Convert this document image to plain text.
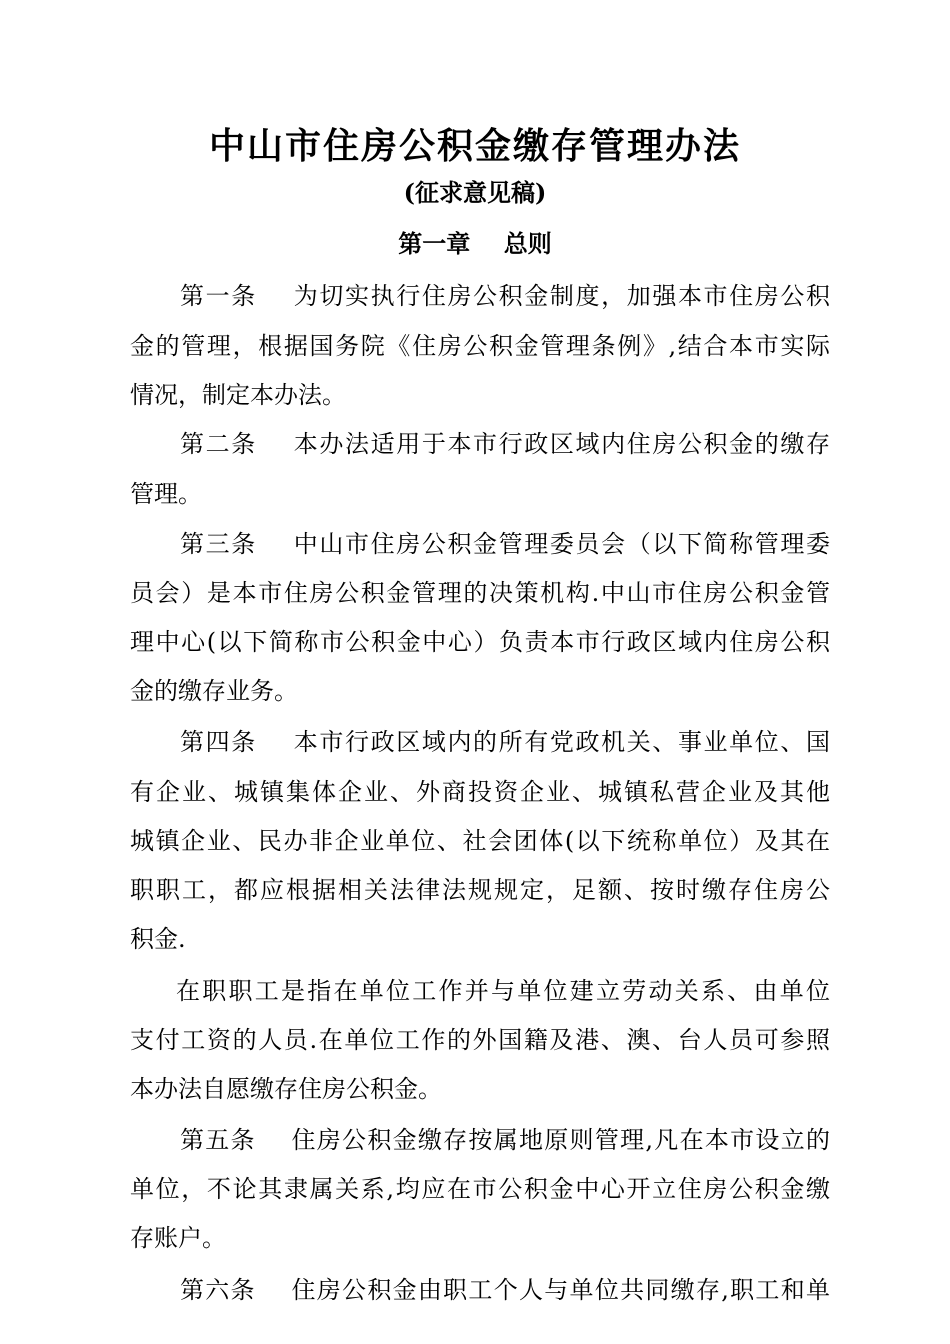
中山市住房公积金缴存管理办法
(征求意见稿)
第一章    总则
第一条    为切实执行住房公积金制度，加强本市住房公积
金的管理，根据国务院《住房公积金管理条例》,结合本市实际
情况，制定本办法。
第二条    本办法适用于本市行政区域内住房公积金的缴存
管理。
第三条    中山市住房公积金管理委员会（以下简称管理委
员会）是本市住房公积金管理的决策机构.中山市住房公积金管
理中心(以下简称市公积金中心）负责本市行政区域内住房公积
金的缴存业务。
第四条    本市行政区域内的所有党政机关、事业单位、国
有企业、城镇集体企业、外商投资企业、城镇私营企业及其他
城镇企业、民办非企业单位、社会团体(以下统称单位）及其在
职职工，都应根据相关法律法规规定，足额、按时缴存住房公
积金.
在职职工是指在单位工作并与单位建立劳动关系、由单位
支付工资的人员.在单位工作的外国籍及港、澳、台人员可参照
本办法自愿缴存住房公积金。
第五条    住房公积金缴存按属地原则管理,凡在本市设立的
单位，不论其隶属关系,均应在市公积金中心开立住房公积金缴
存账户。
第六条    住房公积金由职工个人与单位共同缴存,职工和单
